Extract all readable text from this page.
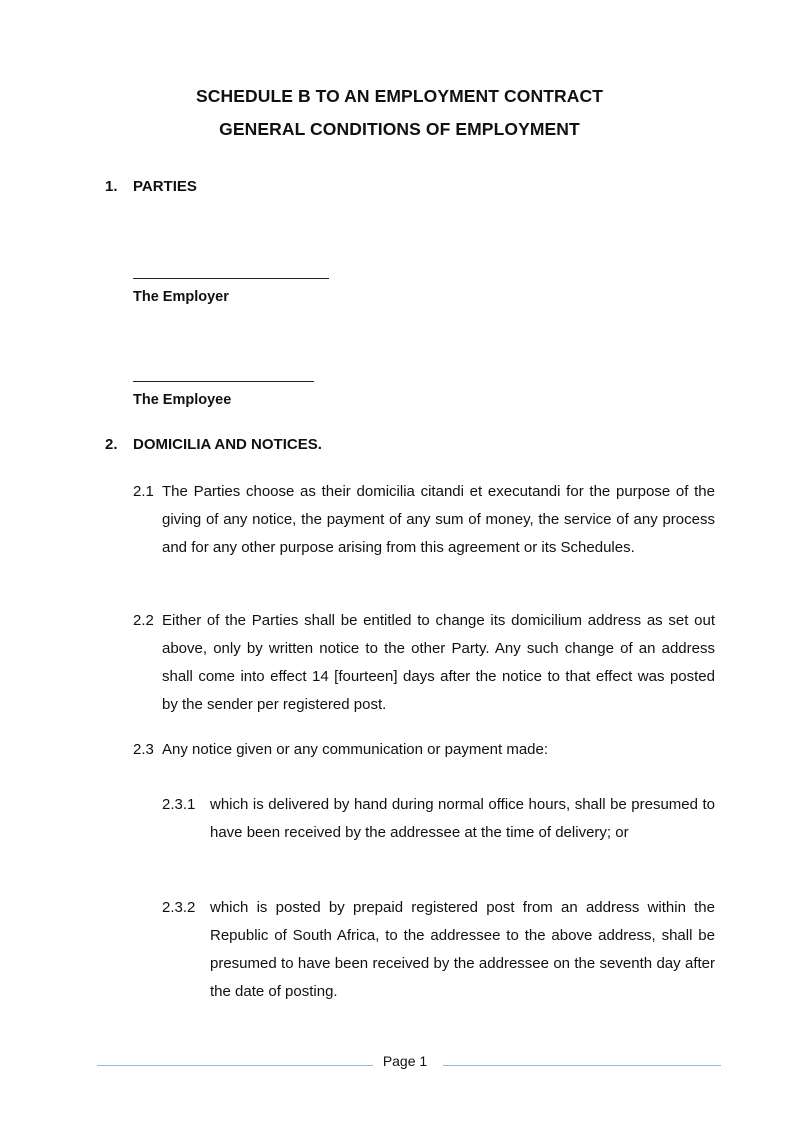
SCHEDULE B TO AN EMPLOYMENT CONTRACT
GENERAL CONDITIONS OF EMPLOYMENT
1. PARTIES
The Employer
The Employee
2. DOMICILIA AND NOTICES.
2.1 The Parties choose as their domicilia citandi et executandi for the purpose of the giving of any notice, the payment of any sum of money, the service of any process and for any other purpose arising from this agreement or its Schedules.
2.2 Either of the Parties shall be entitled to change its domicilium address as set out above, only by written notice to the other Party. Any such change of an address shall come into effect 14 [fourteen] days after the notice to that effect was posted by the sender per registered post.
2.3 Any notice given or any communication or payment made:
2.3.1 which is delivered by hand during normal office hours, shall be presumed to have been received by the addressee at the time of delivery; or
2.3.2 which is posted by prepaid registered post from an address within the Republic of South Africa, to the addressee to the above address, shall be presumed to have been received by the addressee on the seventh day after the date of posting.
Page 1
